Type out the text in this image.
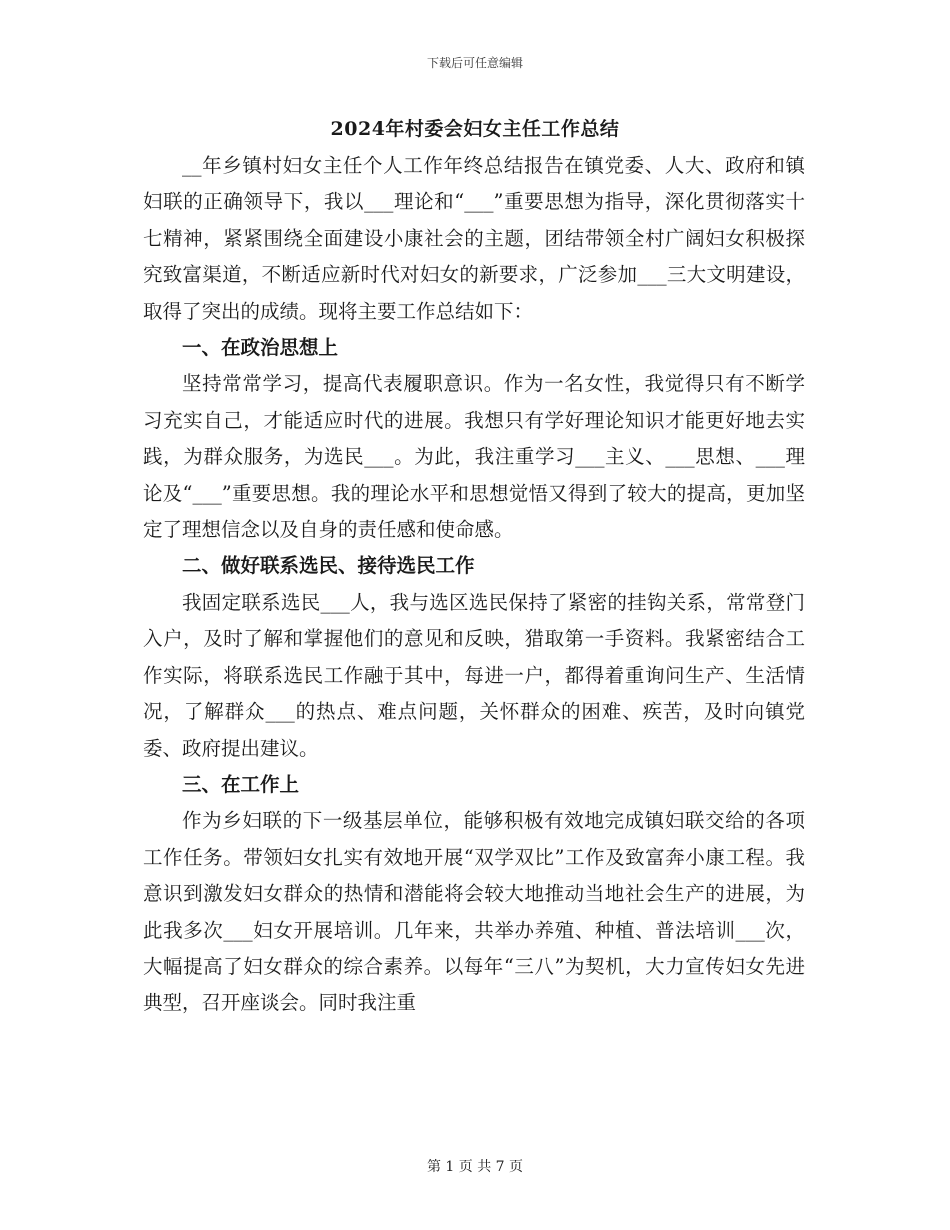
下载后可任意编辑
2024年村委会妇女主任工作总结

__年乡镇村妇女主任个人工作年终总结报告在镇党委、人大、政府和镇妇联的正确领导下，我以___理论和“___”重要思想为指导，深化贯彻落实十七精神，紧紧围绕全面建设小康社会的主题，团结带领全村广阔妇女积极探究致富渠道，不断适应新时代对妇女的新要求，广泛参加___三大文明建设，取得了突出的成绩。现将主要工作总结如下：

一、在政治思想上

坚持常常学习，提高代表履职意识。作为一名女性，我觉得只有不断学习充实自己，才能适应时代的进展。我想只有学好理论知识才能更好地去实践，为群众服务，为选民___。为此，我注重学习___主义、___思想、___理论及“___”重要思想。我的理论水平和思想觉悟又得到了较大的提高，更加坚定了理想信念以及自身的责任感和使命感。

二、做好联系选民、接待选民工作

我固定联系选民___人，我与选区选民保持了紧密的挂钩关系，常常登门入户，及时了解和掌握他们的意见和反映，猎取第一手资料。我紧密结合工作实际，将联系选民工作融于其中，每进一户，都得着重询问生产、生活情况，了解群众___的热点、难点问题，关怀群众的困难、疾苦，及时向镇党委、政府提出建议。

三、在工作上

作为乡妇联的下一级基层单位，能够积极有效地完成镇妇联交给的各项工作任务。带领妇女扎实有效地开展“双学双比”工作及致富奔小康工程。我意识到激发妇女群众的热情和潜能将会较大地推动当地社会生产的进展，为此我多次___妇女开展培训。几年来，共举办养殖、种植、普法培训___次，大幅提高了妇女群众的综合素养。以每年“三八”为契机，大力宣传妇女先进典型，召开座谈会。同时我注重

第 1 页 共 7 页
